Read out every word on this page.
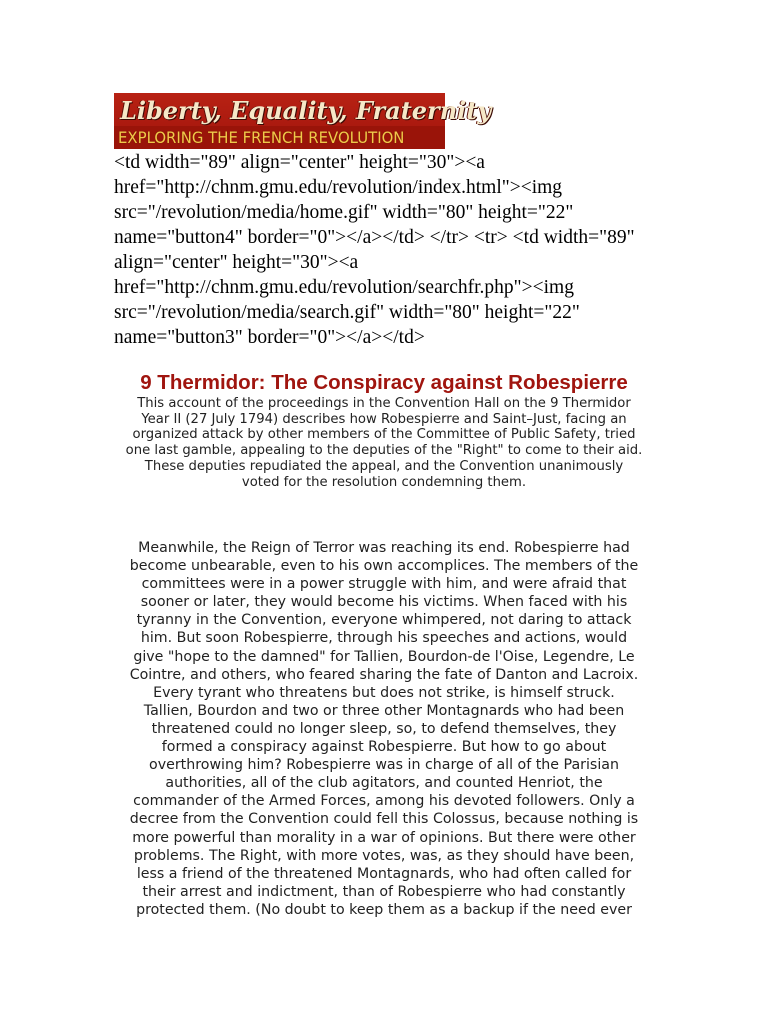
Liberty, Equality, Fraternity
EXPLORING THE FRENCH REVOLUTION
<td width="89" align="center" height="30"><a
href="http://chnm.gmu.edu/revolution/index.html"><img
src="/revolution/media/home.gif" width="80" height="22"
name="button4" border="0"></a></td> </tr> <tr> <td width="89"
align="center" height="30"><a
href="http://chnm.gmu.edu/revolution/searchfr.php"><img
src="/revolution/media/search.gif" width="80" height="22"
name="button3" border="0"></a></td>
9 Thermidor: The Conspiracy against Robespierre
This account of the proceedings in the Convention Hall on the 9 Thermidor
Year II (27 July 1794) describes how Robespierre and Saint–Just, facing an
organized attack by other members of the Committee of Public Safety, tried
one last gamble, appealing to the deputies of the "Right" to come to their aid.
These deputies repudiated the appeal, and the Convention unanimously
voted for the resolution condemning them.
Meanwhile, the Reign of Terror was reaching its end. Robespierre had
become unbearable, even to his own accomplices. The members of the
committees were in a power struggle with him, and were afraid that
sooner or later, they would become his victims. When faced with his
tyranny in the Convention, everyone whimpered, not daring to attack
him. But soon Robespierre, through his speeches and actions, would
give "hope to the damned" for Tallien, Bourdon-de l'Oise, Legendre, Le
Cointre, and others, who feared sharing the fate of Danton and Lacroix.
Every tyrant who threatens but does not strike, is himself struck.
Tallien, Bourdon and two or three other Montagnards who had been
threatened could no longer sleep, so, to defend themselves, they
formed a conspiracy against Robespierre. But how to go about
overthrowing him? Robespierre was in charge of all of the Parisian
authorities, all of the club agitators, and counted Henriot, the
commander of the Armed Forces, among his devoted followers. Only a
decree from the Convention could fell this Colossus, because nothing is
more powerful than morality in a war of opinions. But there were other
problems. The Right, with more votes, was, as they should have been,
less a friend of the threatened Montagnards, who had often called for
their arrest and indictment, than of Robespierre who had constantly
protected them. (No doubt to keep them as a backup if the need ever
